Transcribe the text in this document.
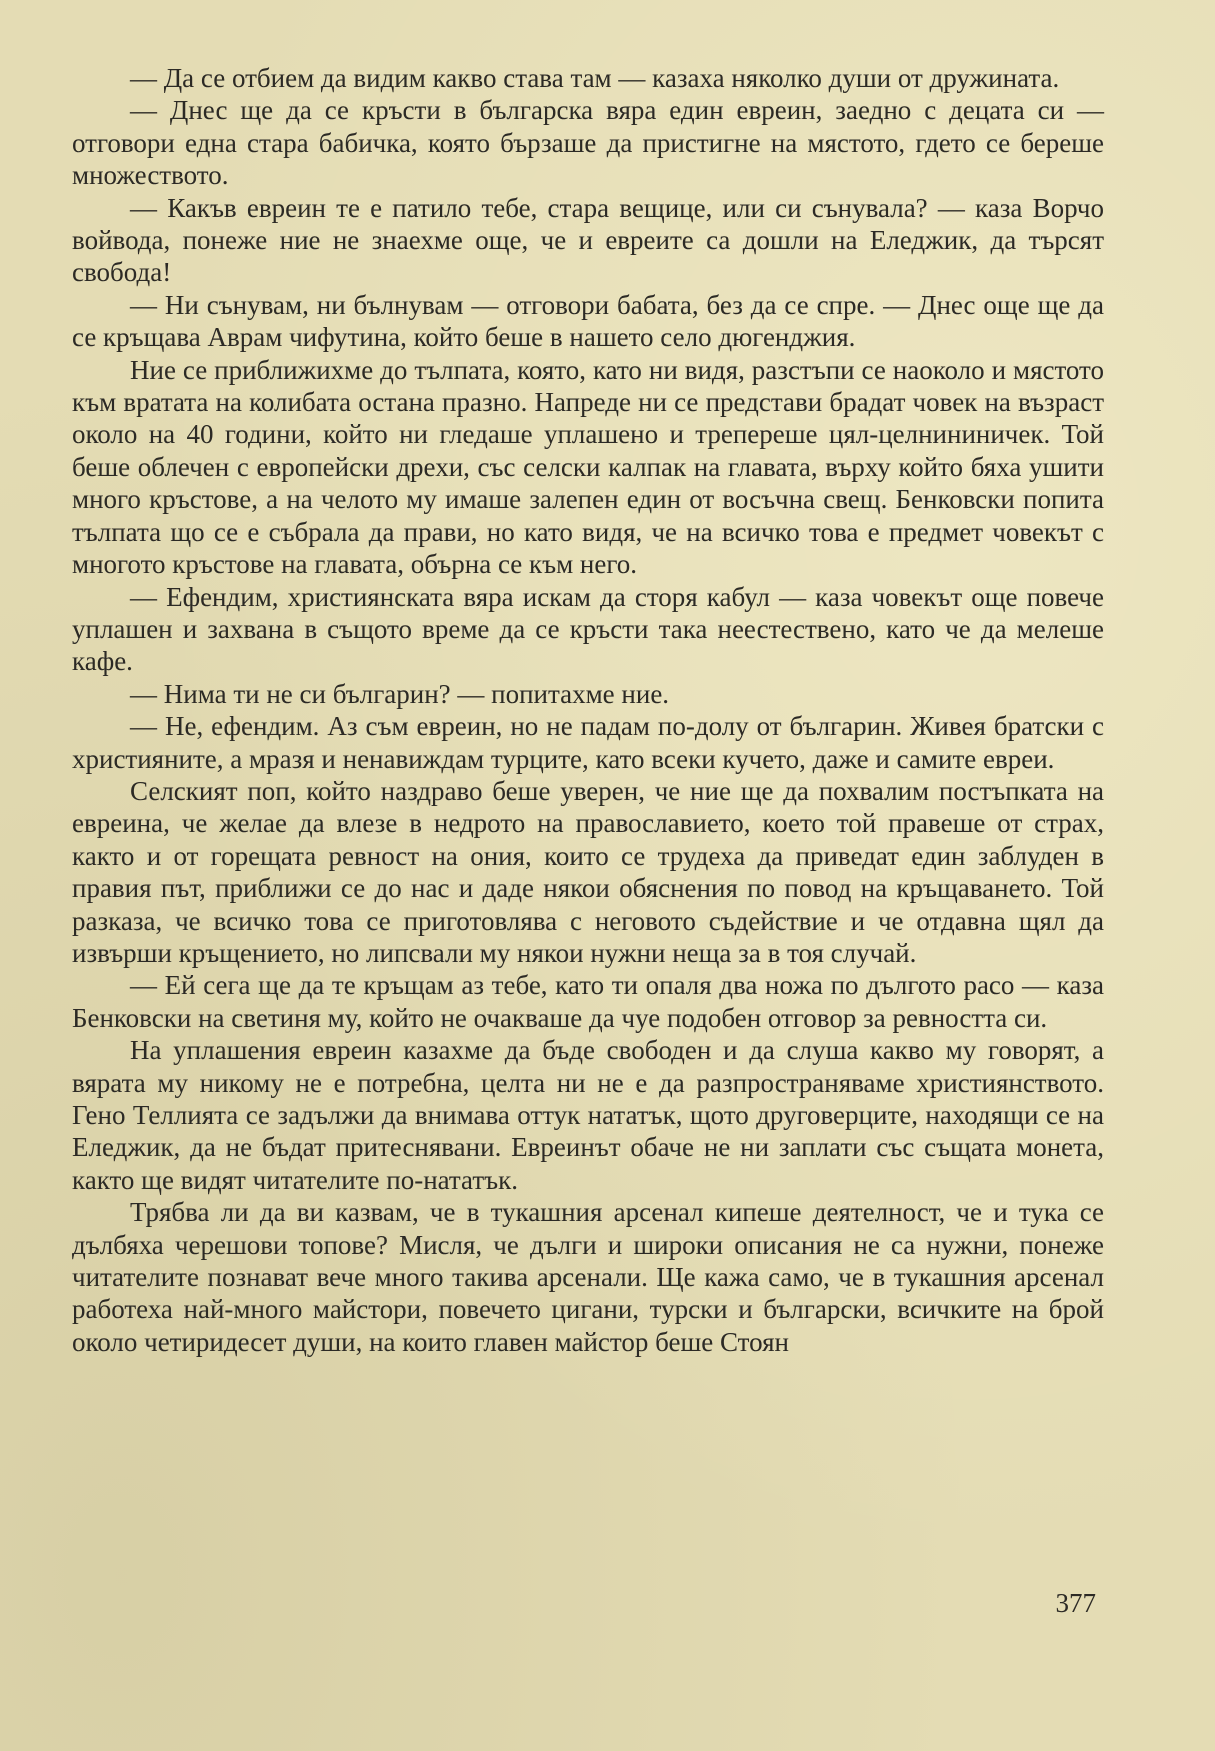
— Да се отбием да видим какво става там — казаха няколко души от дружината.

— Днес ще да се кръсти в българска вяра един евреин, заедно с децата си — отговори една стара бабичка, която бързаше да пристигне на мястото, гдето се береше множеството.

— Какъв евреин те е патило тебе, стара вещице, или си сънувала? — каза Ворчо войвода, понеже ние не знаехме още, че и евреите са дошли на Еледжик, да търсят свобода!

— Ни сънувам, ни бълнувам — отговори бабата, без да се спре. — Днес още ще да се кръщава Аврам чифутина, който беше в нашето село дюгенджия.

Ние се приближихме до тълпата, която, като ни видя, разстъпи се наоколо и мястото към вратата на колибата остана празно. Напреде ни се представи брадат човек на възраст около на 40 години, който ни гледаше уплашено и трепереше цял-целнининичек. Той беше облечен с европейски дрехи, със селски калпак на главата, върху който бяха ушити много кръстове, а на челото му имаше залепен един от восъчна свещ. Бенковски попита тълпата що се е събрала да прави, но като видя, че на всичко това е предмет човекът с многото кръстове на главата, обърна се към него.

— Ефендим, християнската вяра искам да сторя кабул — каза човекът още повече уплашен и захвана в същото време да се кръсти така неестествено, като че да мелеше кафе.

— Нима ти не си българин? — попитахме ние.

— Не, ефендим. Аз съм евреин, но не падам по-долу от българин. Живея братски с християните, а мразя и ненавиждам турците, като всеки кучето, даже и самите евреи.

Селският поп, който наздраво беше уверен, че ние ще да похвалим постъпката на евреина, че желае да влезе в недрото на православието, което той правеше от страх, както и от горещата ревност на ония, които се трудеха да приведат един заблуден в правия път, приближи се до нас и даде някои обяснения по повод на кръщаването. Той разказа, че всичко това се приготовлява с неговото съдействие и че отдавна щял да извърши кръщението, но липсвали му някои нужни неща за в тоя случай.

— Ей сега ще да те кръщам аз тебе, като ти опаля два ножа по дългото расо — каза Бенковски на светиня му, който не очакваше да чуе подобен отговор за ревността си.

На уплашения евреин казахме да бъде свободен и да слуша какво му говорят, а вярата му никому не е потребна, целта ни не е да разпространяваме християнството. Гено Теллията се задължи да внимава оттук нататък, щото друговерците, находящи се на Еледжик, да не бъдат притеснявани. Евреинът обаче не ни заплати със същата монета, както ще видят читателите по-нататък.

Трябва ли да ви казвам, че в тукашния арсенал кипеше деятелност, че и тука се дълбяха черешови топове? Мисля, че дълги и широки описания не са нужни, понеже читателите познават вече много такива арсенали. Ще кажа само, че в тукашния арсенал работеха най-много майстори, повечето цигани, турски и български, всичките на брой около четиридесет души, на които главен майстор беше Стоян

377
